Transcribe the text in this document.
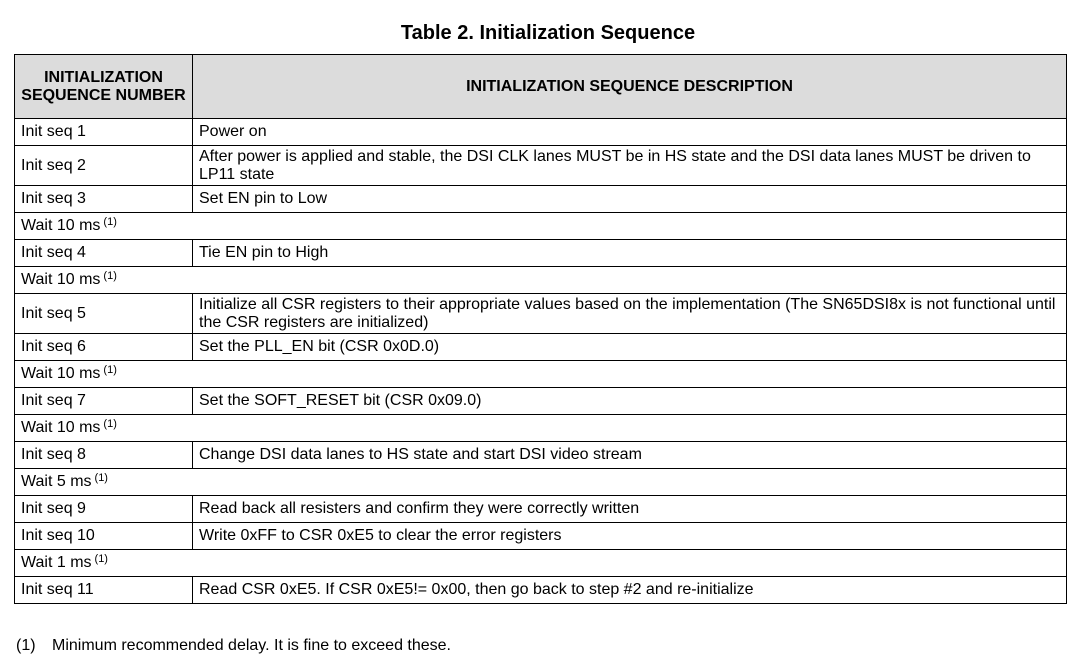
Table 2. Initialization Sequence
INITIALIZATION SEQUENCE NUMBER	INITIALIZATION SEQUENCE DESCRIPTION
Init seq 1	Power on
Init seq 2	After power is applied and stable, the DSI CLK lanes MUST be in HS state and the DSI data lanes MUST be driven to LP11 state
Init seq 3	Set EN pin to Low
Wait 10 ms $^{(1)}$
Init seq 4	Tie EN pin to High
Wait 10 ms $^{(1)}$
Init seq 5	Initialize all CSR registers to their appropriate values based on the implementation (The SN65DSI8x is not functional until the CSR registers are initialized)
Init seq 6	Set the PLL_EN bit (CSR 0x0D.0)
Wait 10 ms $^{(1)}$
Init seq 7	Set the SOFT_RESET bit (CSR 0x09.0)
Wait 10 ms $^{(1)}$
Init seq 8	Change DSI data lanes to HS state and start DSI video stream
Wait 5 ms $^{(1)}$
Init seq 9	Read back all resisters and confirm they were correctly written
Init seq 10	Write 0xFF to CSR 0xE5 to clear the error registers
Wait 1 ms $^{(1)}$
Init seq 11	Read CSR 0xE5. If CSR 0xE5!= 0x00, then go back to step #2 and re-initialize
(1) Minimum recommended delay. It is fine to exceed these.
